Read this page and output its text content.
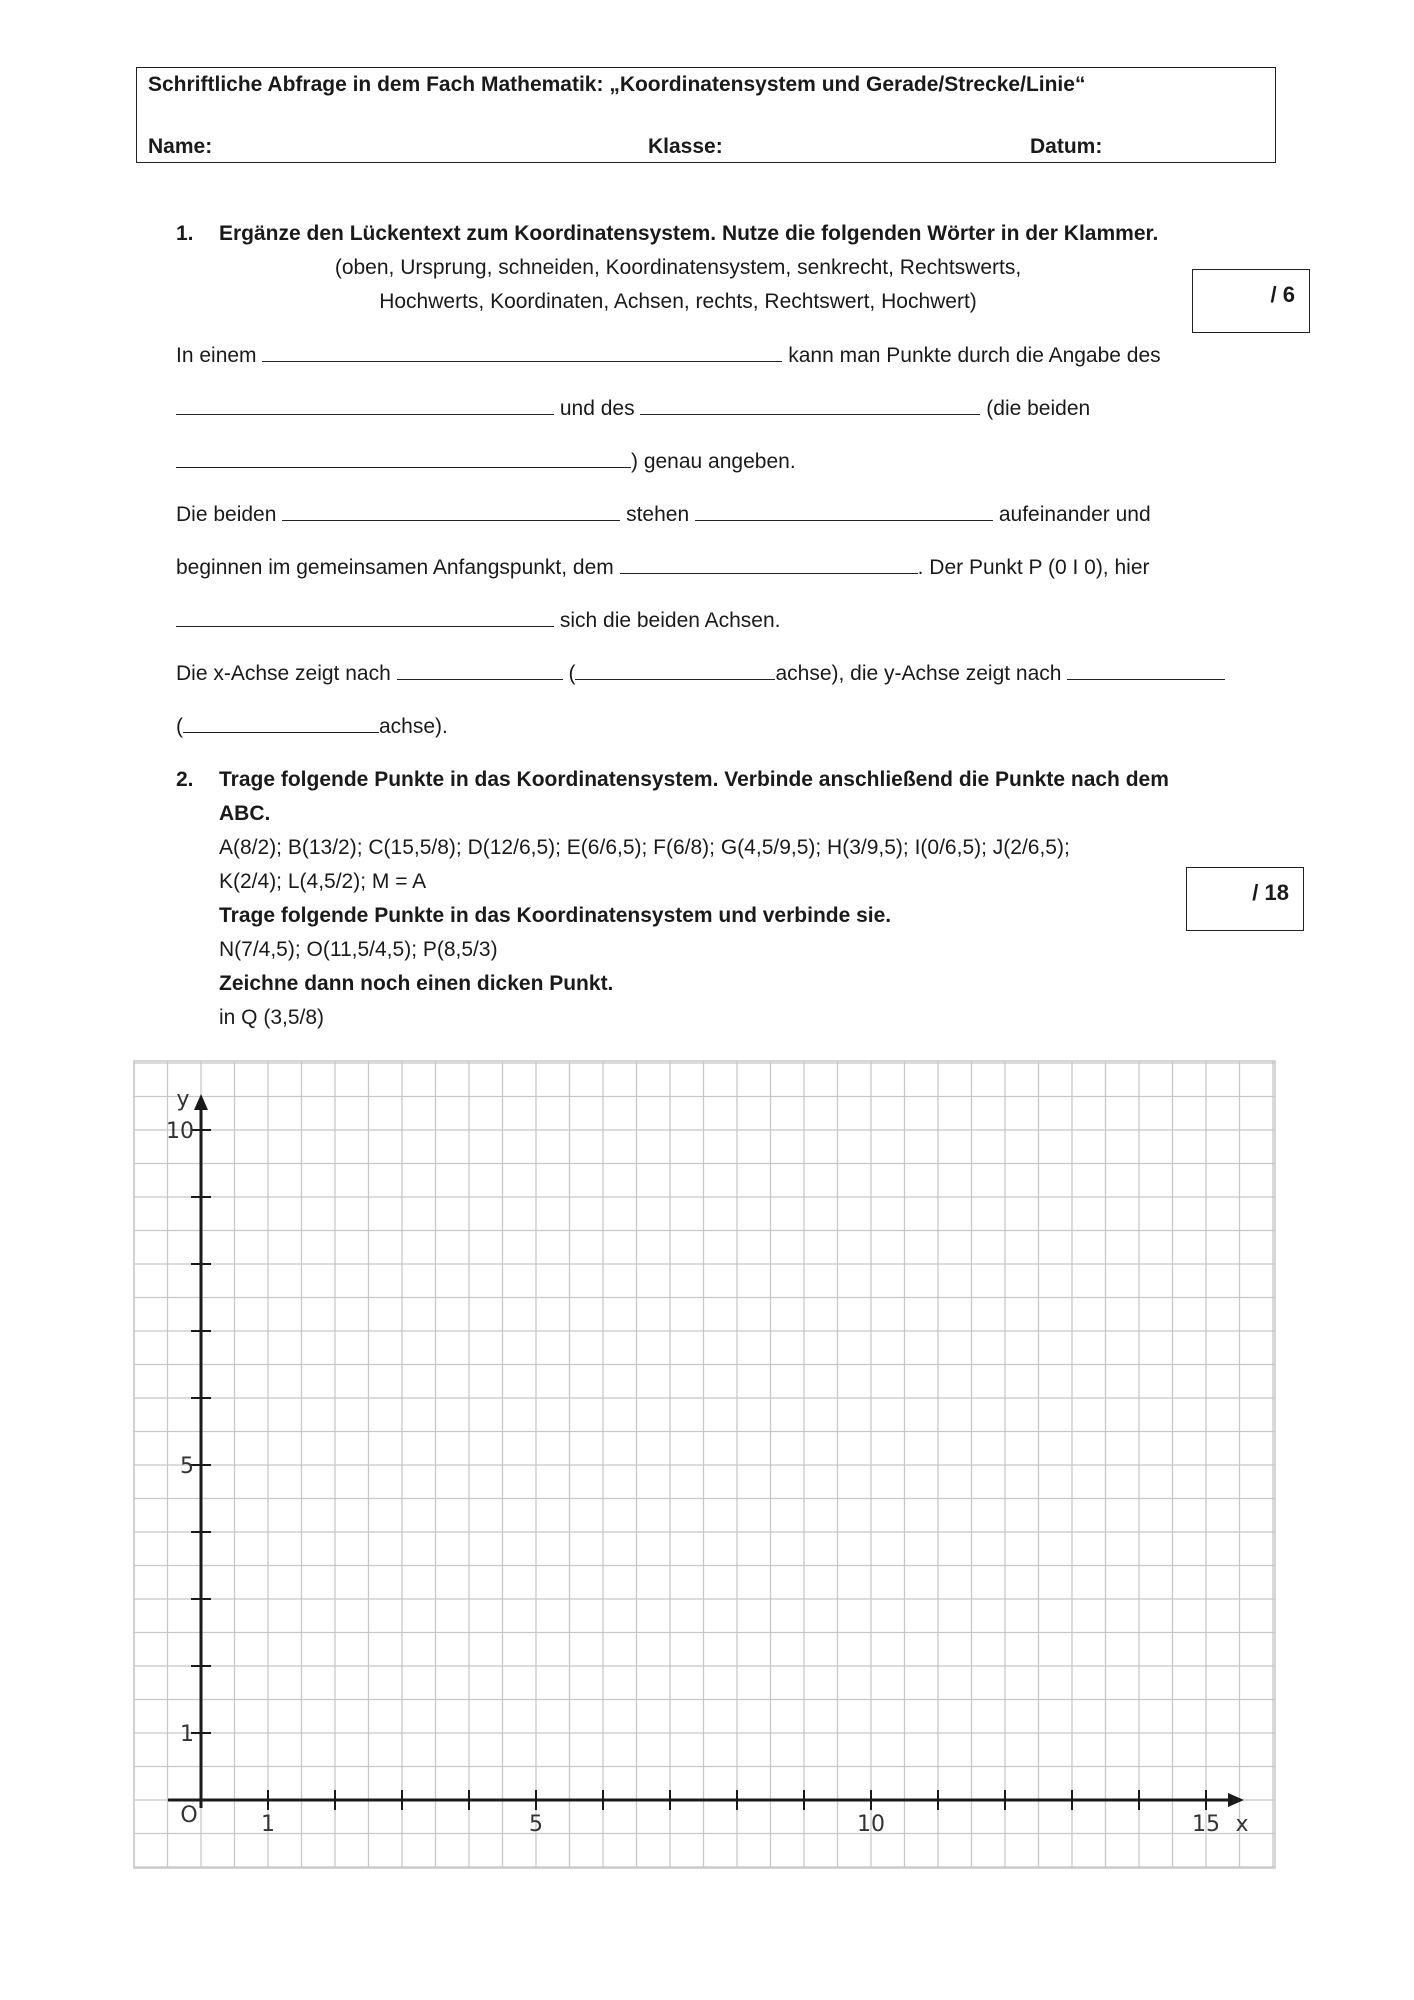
Schriftliche Abfrage in dem Fach Mathematik: „Koordinatensystem und Gerade/Strecke/Linie“
Name:	Klasse:	Datum:
1. Ergänze den Lückentext zum Koordinatensystem. Nutze die folgenden Wörter in der Klammer.
(oben, Ursprung, schneiden, Koordinatensystem, senkrecht, Rechtswerts,
Hochwerts, Koordinaten, Achsen, rechts, Rechtswert, Hochwert)	/ 6
In einem	kann man Punkte durch die Angabe des
und des	(die beiden
) genau angeben.
Die beiden	stehen	aufeinander und
beginnen im gemeinsamen Anfangspunkt, dem	. Der Punkt P (0 I 0), hier
sich die beiden Achsen.
Die x-Achse zeigt nach	(	achse), die y-Achse zeigt nach
(	achse).
2. Trage folgende Punkte in das Koordinatensystem. Verbinde anschließend die Punkte nach dem
ABC.
A(8/2); B(13/2); C(15,5/8); D(12/6,5); E(6/6,5); F(6/8); G(4,5/9,5); H(3/9,5); I(0/6,5); J(2/6,5);
K(2/4); L(4,5/2); M = A
Trage folgende Punkte in das Koordinatensystem und verbinde sie.
N(7/4,5); O(11,5/4,5); P(8,5/3)
Zeichne dann noch einen dicken Punkt.
in Q (3,5/8)
/ 18
1	5	10	15
1
5
10
x
y
O
